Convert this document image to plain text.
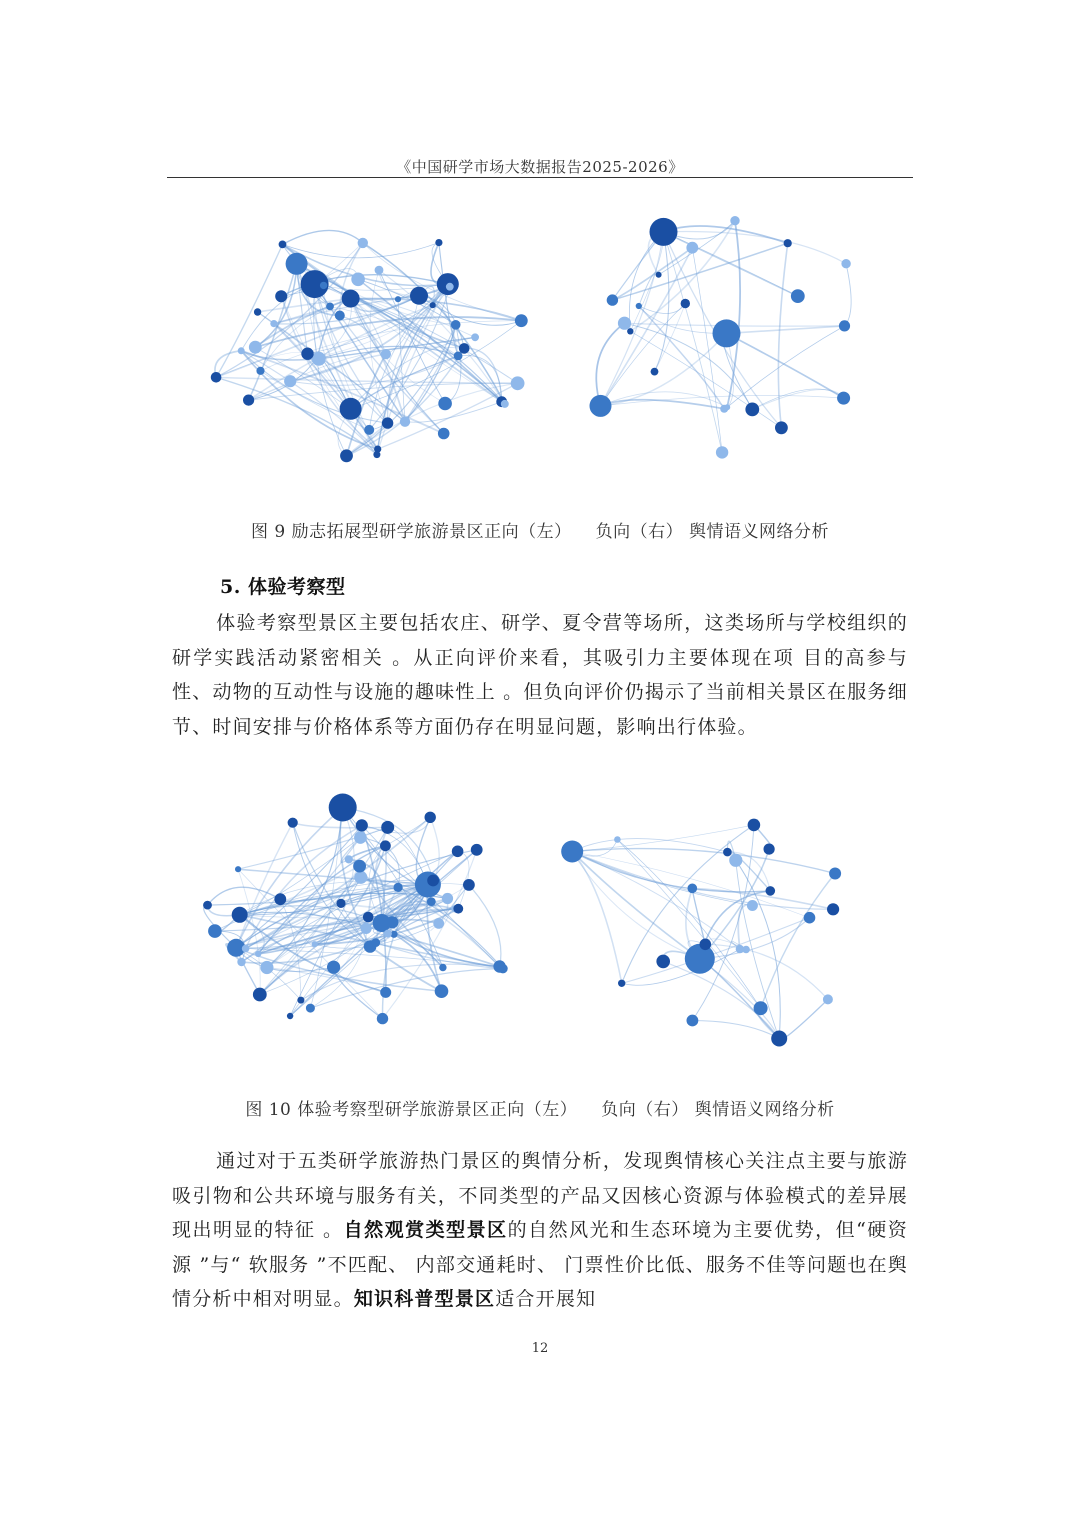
《中国研学市场大数据报告2025-2026》
图 9 励志拓展型研学旅游景区正向（左） 负向（右） 舆情语义网络分析
5. 体验考察型

体验考察型景区主要包括农庄、研学、夏令营等场所，这类场所与学校组织的研学实践活动紧密相关 。从正向评价来看，其吸引力主要体现在项 目的高参与性、动物的互动性与设施的趣味性上 。但负向评价仍揭示了当前相关景区在服务细节、时间安排与价格体系等方面仍存在明显问题，影响出行体验。

图 10 体验考察型研学旅游景区正向（左） 负向（右） 舆情语义网络分析

通过对于五类研学旅游热门景区的舆情分析，发现舆情核心关注点主要与旅游吸引物和公共环境与服务有关，不同类型的产品又因核心资源与体验模式的差异展现出明显的特征 。自然观赏类型景区的自然风光和生态环境为主要优势，但“硬资源 ”与“ 软服务 ”不匹配、 内部交通耗时、 门票性价比低、服务不佳等问题也在舆情分析中相对明显。知识科普型景区适合开展知

12
